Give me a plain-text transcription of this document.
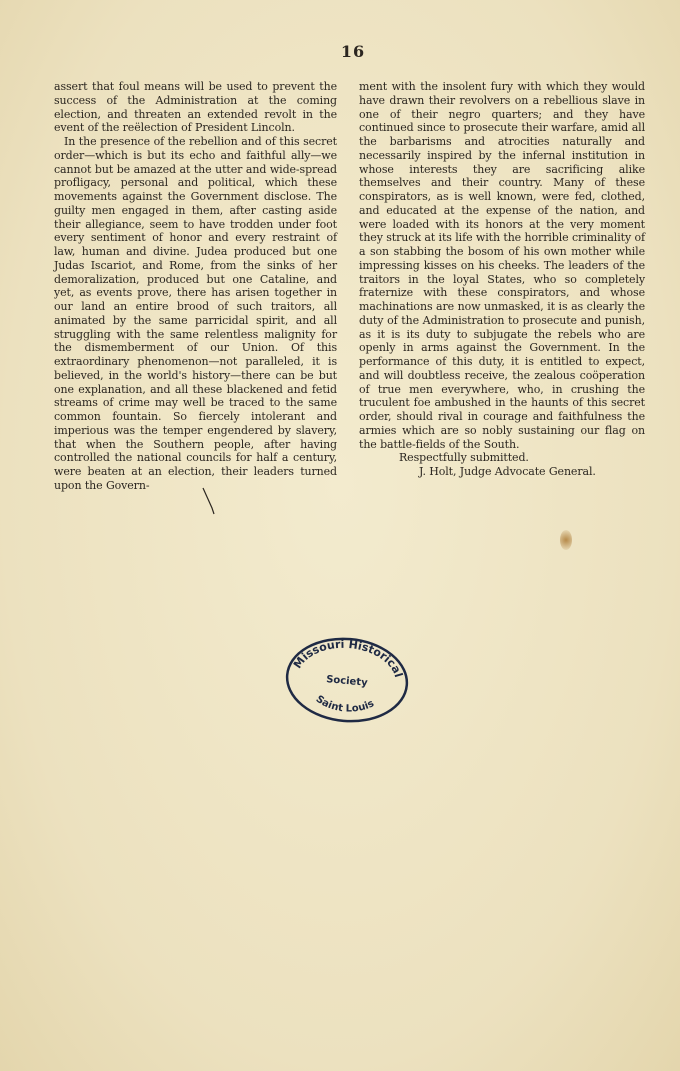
16

assert that foul means will be used to prevent the success of the Administration at the coming election, and threaten an extended revolt in the event of the reëlection of President Lincoln.

In the presence of the rebellion and of this secret order—which is but its echo and faithful ally—we cannot but be amazed at the utter and wide-spread profligacy, personal and political, which these movements against the Government disclose. The guilty men engaged in them, after casting aside their allegiance, seem to have trodden under foot every sentiment of honor and every restraint of law, human and divine. Judea produced but one Judas Iscariot, and Rome, from the sinks of her demoralization, produced but one Cataline, and yet, as events prove, there has arisen together in our land an entire brood of such traitors, all animated by the same parricidal spirit, and all struggling with the same relentless malignity for the dismemberment of our Union. Of this extraordinary phenomenon—not paralleled, it is believed, in the world's history—there can be but one explanation, and all these blackened and fetid streams of crime may well be traced to the same common fountain. So fiercely intolerant and imperious was the temper engendered by slavery, that when the Southern people, after having controlled the national councils for half a century, were beaten at an election, their leaders turned upon the Govern-

ment with the insolent fury with which they would have drawn their revolvers on a rebellious slave in one of their negro quarters; and they have continued since to prosecute their warfare, amid all the barbarisms and atrocities naturally and necessarily inspired by the infernal institution in whose interests they are sacrificing alike themselves and their country. Many of these conspirators, as is well known, were fed, clothed, and educated at the expense of the nation, and were loaded with its honors at the very moment they struck at its life with the horrible criminality of a son stabbing the bosom of his own mother while impressing kisses on his cheeks. The leaders of the traitors in the loyal States, who so completely fraternize with these conspirators, and whose machinations are now unmasked, it is as clearly the duty of the Administration to prosecute and punish, as it is its duty to subjugate the rebels who are openly in arms against the Government. In the performance of this duty, it is entitled to expect, and will doubtless receive, the zealous coöperation of true men everywhere, who, in crushing the truculent foe ambushed in the haunts of this secret order, should rival in courage and faithfulness the armies which are so nobly sustaining our flag on the battle-fields of the South.

Respectfully submitted.

J. Holt, Judge Advocate General.

Missouri Historical
Society
Saint Louis
